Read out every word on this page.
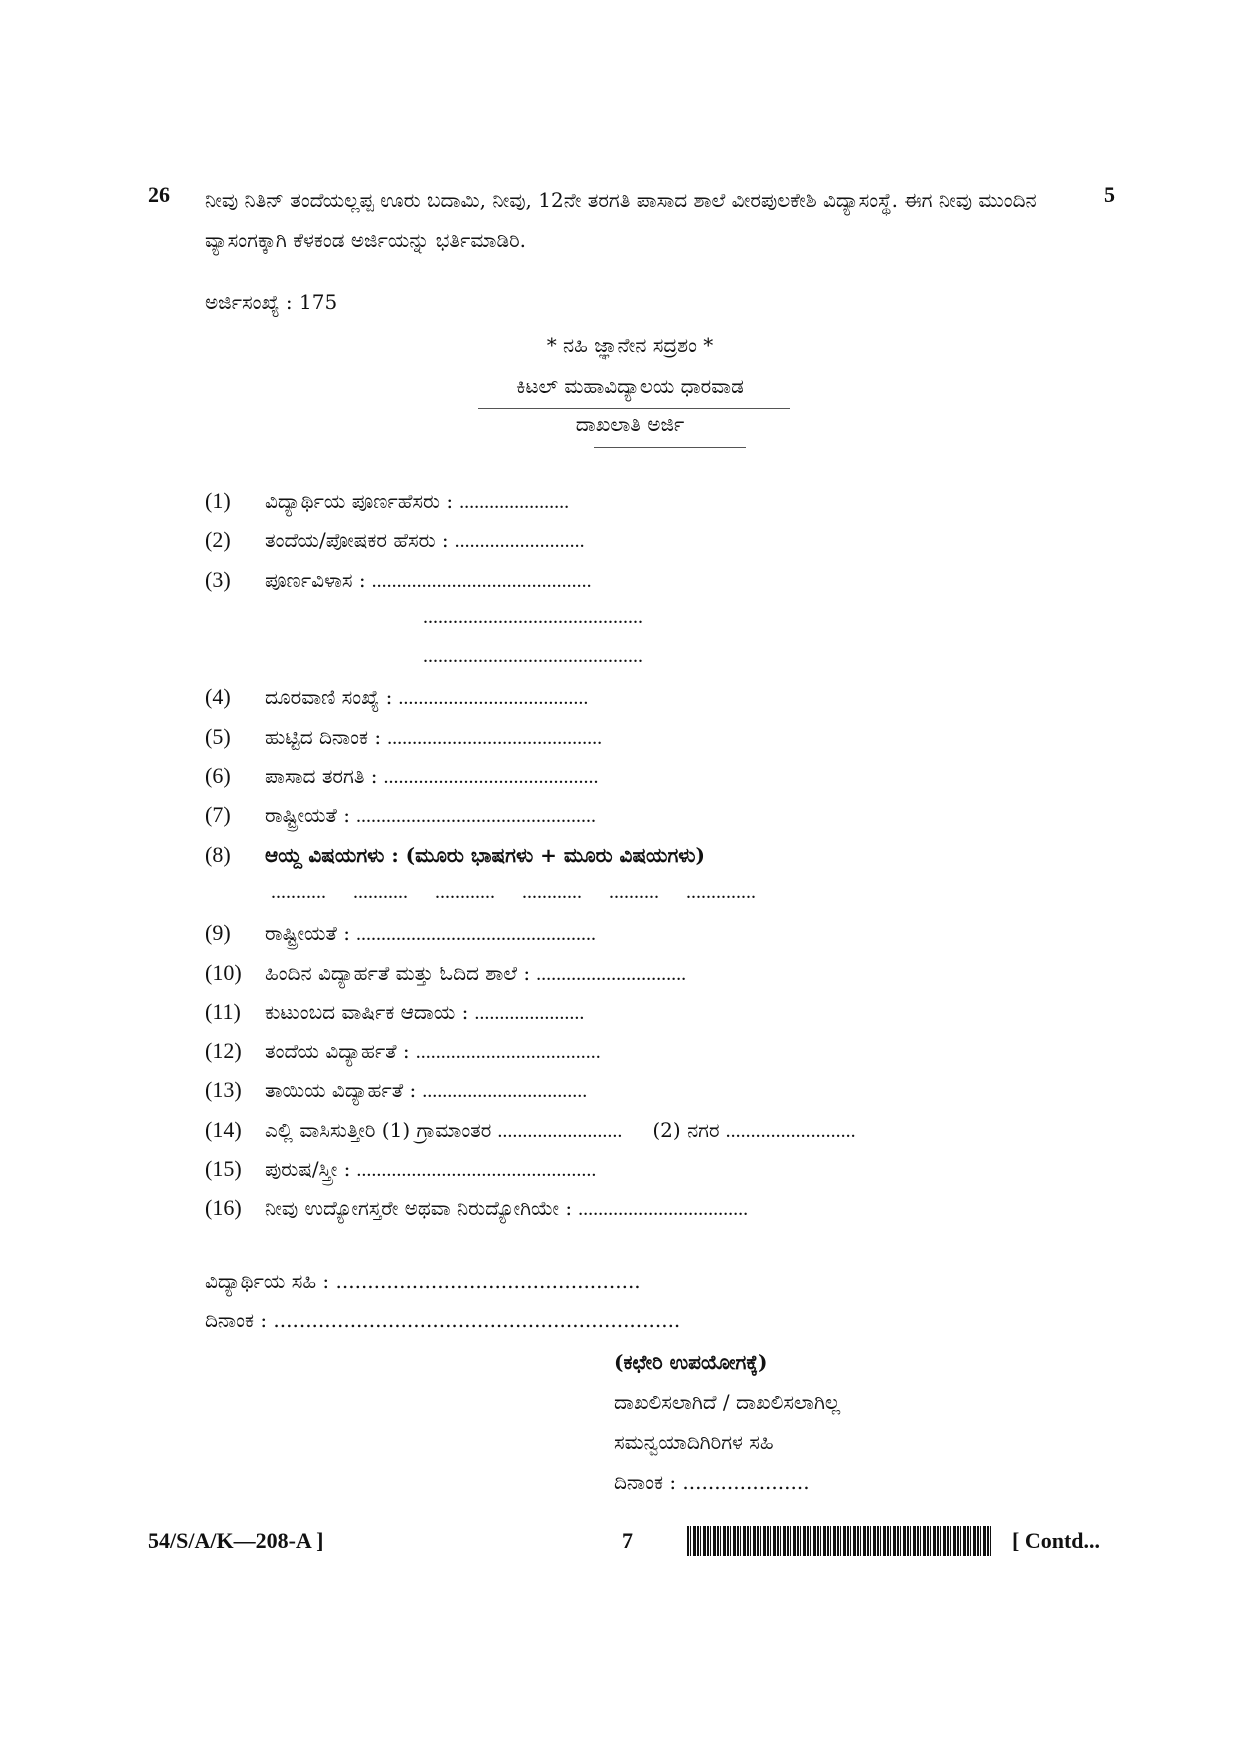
26 ನೀವು ನಿತಿನ್ ತಂದೆಯಲ್ಲಪ್ಪ ಊರು ಬದಾಮಿ, ನೀವು, 12ನೇ ತರಗತಿ ಪಾಸಾದ ಶಾಲೆ ವೀರಪುಲಕೇಶಿ ವಿದ್ಯಾಸಂಸ್ಥೆ. ಈಗ ನೀವು ಮುಂದಿನ ವ್ಯಾಸಂಗಕ್ಕಾಗಿ ಕೆಳಕಂಡ ಅರ್ಜಿಯನ್ನು ಭರ್ತಿಮಾಡಿರಿ.
5
ಅರ್ಜಿಸಂಖ್ಯೆ : 175
* ನಹಿ ಜ್ಞಾನೇನ ಸದ್ರಶಂ *
ಕಿಟಲ್ ಮಹಾವಿದ್ಯಾಲಯ ಧಾರವಾಡ
ದಾಖಲಾತಿ ಅರ್ಜಿ
(1)	ವಿದ್ಯಾರ್ಥಿಯ ಪೂರ್ಣಹೆಸರು : ......................
(2)	ತಂದೆಯ/ಪೋಷಕರ ಹೆಸರು : ..........................
(3)	ಪೂರ್ಣವಿಳಾಸ : ............................................
............................................
............................................
(4)	ದೂರವಾಣಿ ಸಂಖ್ಯೆ : ......................................
(5)	ಹುಟ್ಟಿದ ದಿನಾಂಕ : ...........................................
(6)	ಪಾಸಾದ ತರಗತಿ : ...........................................
(7)	ರಾಷ್ಟ್ರೀಯತೆ : ................................................
(8)	ಆಯ್ದ ವಿಷಯಗಳು : (ಮೂರು ಭಾಷಗಳು + ಮೂರು ವಿಷಯಗಳು)
........... ........... ............ ............ .......... ..............
(9)	ರಾಷ್ಟ್ರೀಯತೆ : ................................................
(10)	ಹಿಂದಿನ ವಿದ್ಯಾರ್ಹತೆ ಮತ್ತು ಓದಿದ ಶಾಲೆ : ..............................
(11)	ಕುಟುಂಬದ ವಾರ್ಷಿಕ ಆದಾಯ : ......................
(12)	ತಂದೆಯ ವಿದ್ಯಾರ್ಹತೆ : .....................................
(13)	ತಾಯಿಯ ವಿದ್ಯಾರ್ಹತೆ : .................................
(14)	ಎಲ್ಲಿ ವಾಸಿಸುತ್ತೀರಿ (1) ಗ್ರಾಮಾಂತರ ......................... (2) ನಗರ ..........................
(15)	ಪುರುಷ/ಸ್ತ್ರೀ : ................................................
(16)	ನೀವು ಉದ್ಯೋಗಸ್ತರೇ ಅಥವಾ ನಿರುದ್ಯೋಗಿಯೇ : ..................................
ವಿದ್ಯಾರ್ಥಿಯ ಸಹಿ : ................................................
ದಿನಾಂಕ : ................................................................
(ಕಛೇರಿ ಉಪಯೋಗಕ್ಕೆ)
ದಾಖಲಿಸಲಾಗಿದೆ / ದಾಖಲಿಸಲಾಗಿಲ್ಲ
ಸಮನ್ವಯಾದಿಗಿರಿಗಳ ಸಹಿ
ದಿನಾಂಕ : ....................
54/S/A/K—208-A ]	7	[ Contd...
